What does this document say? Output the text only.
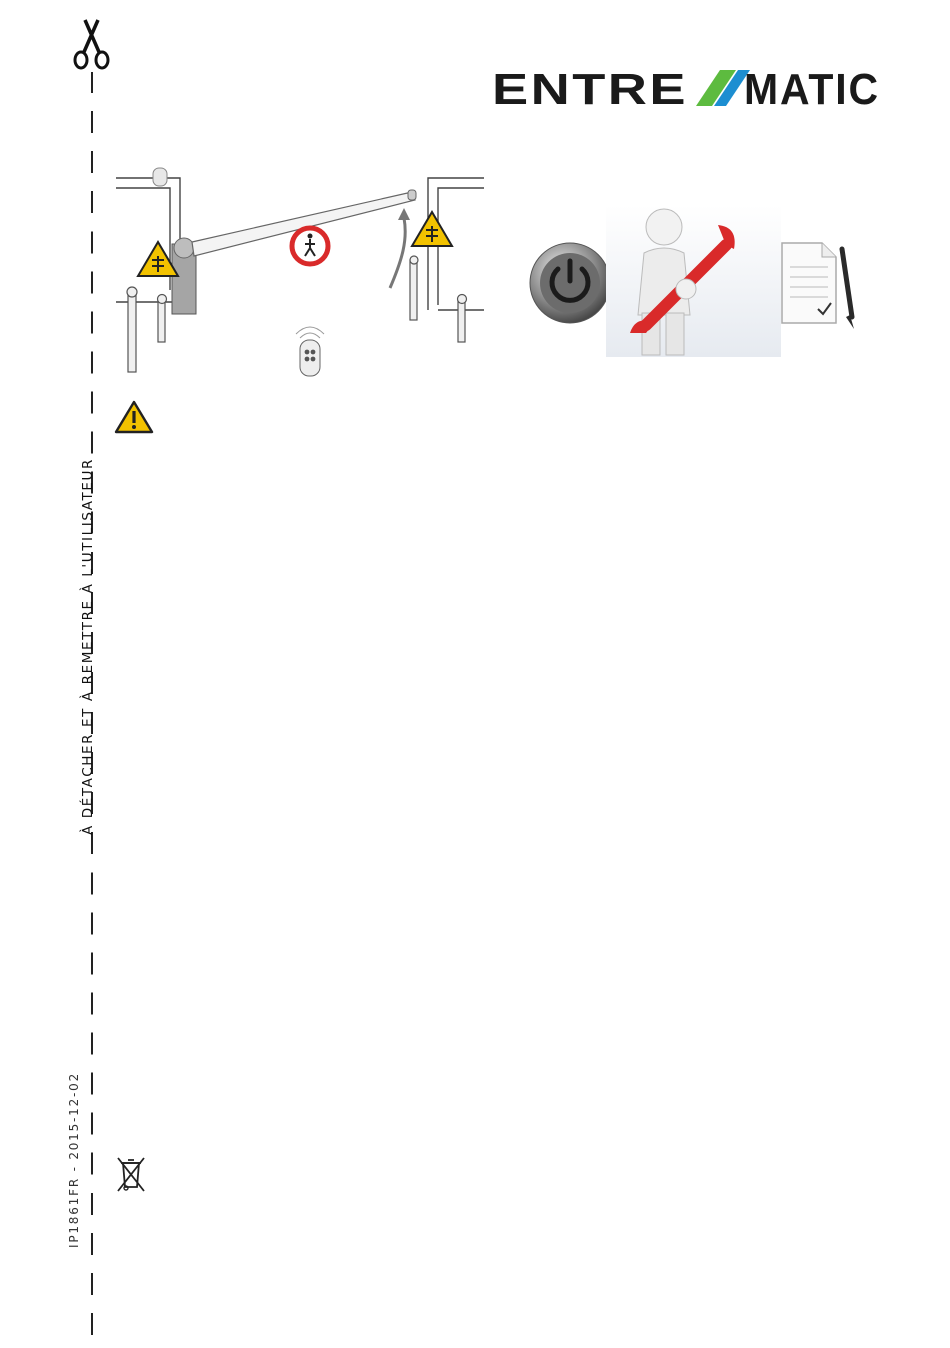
À DÉTACHER ET À REMETTRE À L'UTILISATEUR
IP1861FR - 2015-12-02
ENTRE MATIC
